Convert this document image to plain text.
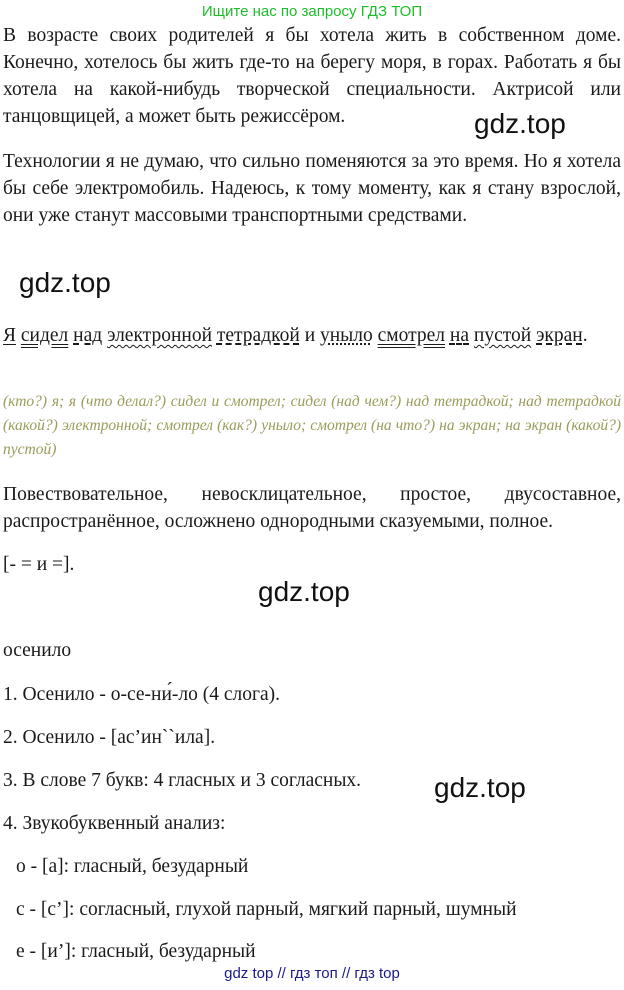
Ищите нас по запросу ГДЗ ТОП

В возрасте своих родителей я бы хотела жить в собственном доме. Конечно, хотелось бы жить где-то на берегу моря, в горах. Работать я бы хотела на какой-нибудь творческой специальности. Актрисой или танцовщицей, а может быть режиссёром.	gdz.top

Технологии я не думаю, что сильно поменяются за это время. Но я хотела бы себе электромобиль. Надеюсь, к тому моменту, как я стану взрослой, они уже станут массовыми транспортными средствами.

gdz.top

Я сидел над электронной тетрадкой и уныло смотрел на пустой экран.

(кто?) я; я (что делал?) сидел и смотрел; сидел (над чем?) над тетрадкой; над тетрадкой (какой?) электронной; смотрел (как?) уныло; смотрел (на что?) на экран; на экран (какой?) пустой)

Повествовательное, невосклицательное, простое, двусоставное, распространённое, осложнено однородными сказуемыми, полное.

[- = и =].
gdz.top
осенило
1. Осенило - о-се-ни́-ло (4 слога).
2. Осенило - [ас’ин``ила].
3. В слове 7 букв: 4 гласных и 3 согласных.	gdz.top
4. Звукобуквенный анализ:
о - [а]: гласный, безударный
с - [с’]: согласный, глухой парный, мягкий парный, шумный
е - [и’]: гласный, безударный
gdz top // гдз топ // гдз top
